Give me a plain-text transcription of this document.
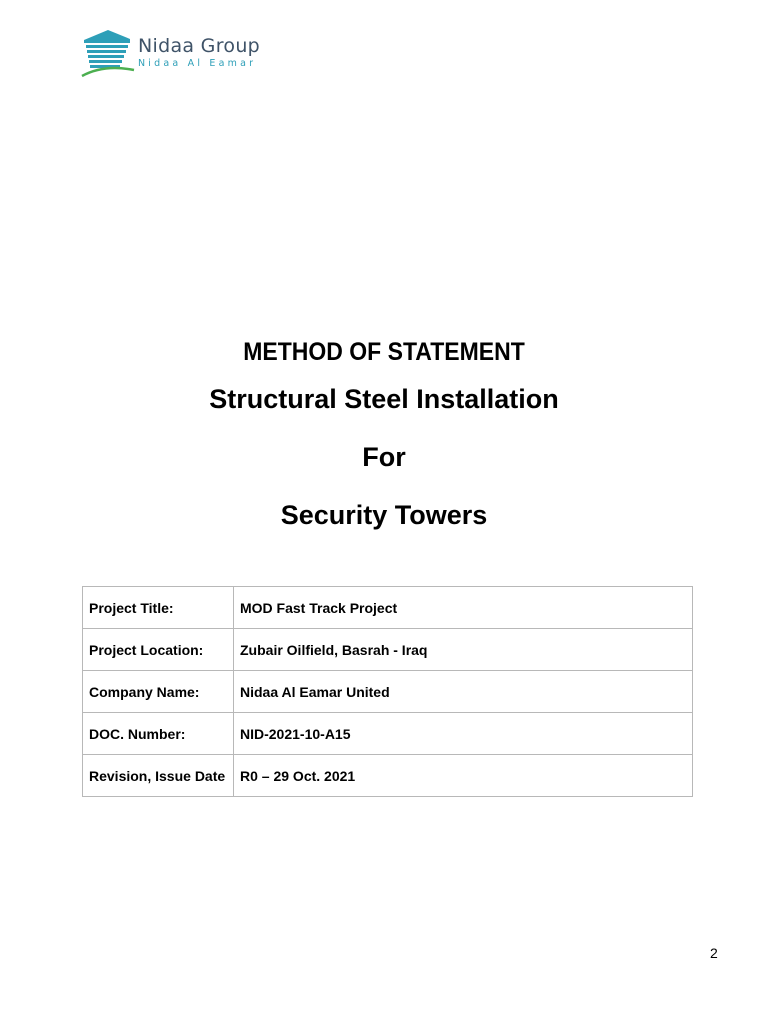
Nidaa Group
Nidaa Al Eamar
METHOD OF STATEMENT
Structural Steel Installation
For
Security Towers
Project Title:	MOD Fast Track Project
Project Location:	Zubair Oilfield, Basrah - Iraq
Company Name:	Nidaa Al Eamar United
DOC. Number:	NID-2021-10-A15
Revision, Issue Date	R0 – 29 Oct. 2021
2
